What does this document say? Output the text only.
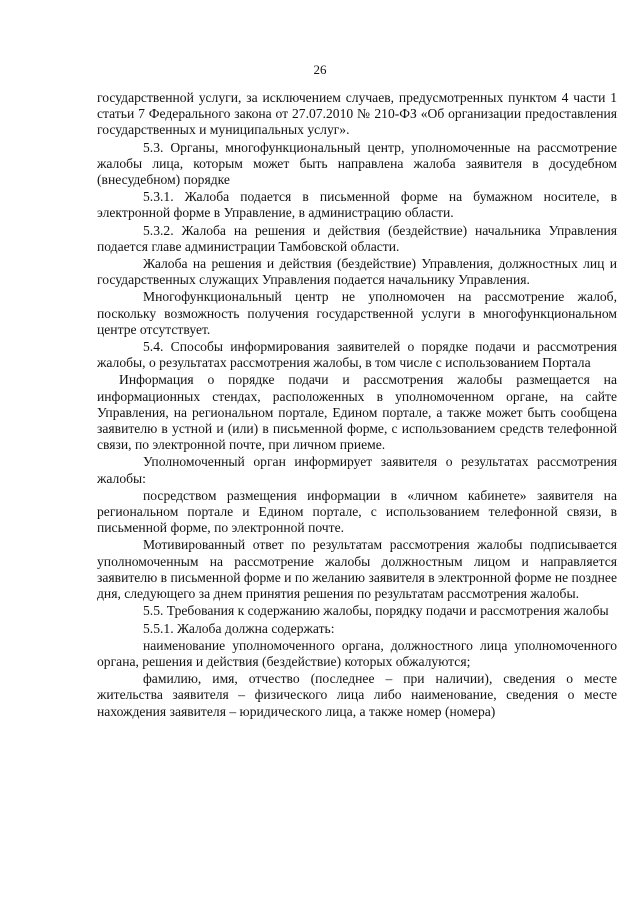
26

государственной услуги, за исключением случаев, предусмотренных пунктом 4 части 1 статьи 7 Федерального закона от 27.07.2010 № 210-ФЗ «Об организации предоставления государственных и муниципальных услуг».

5.3. Органы, многофункциональный центр, уполномоченные на рассмотрение жалобы лица, которым может быть направлена жалоба заявителя в досудебном (внесудебном) порядке

5.3.1. Жалоба подается в письменной форме на бумажном носителе, в электронной форме в Управление, в администрацию области.

5.3.2. Жалоба на решения и действия (бездействие) начальника Управления подается главе администрации Тамбовской области.

Жалоба на решения и действия (бездействие) Управления, должностных лиц и государственных служащих Управления подается начальнику Управления.

Многофункциональный центр не уполномочен на рассмотрение жалоб, поскольку возможность получения государственной услуги в многофункциональном центре отсутствует.

5.4. Способы информирования заявителей о порядке подачи и рассмотрения жалобы, о результатах рассмотрения жалобы, в том числе с использованием Портала

Информация о порядке подачи и рассмотрения жалобы размещается на информационных стендах, расположенных в уполномоченном органе, на сайте Управления, на региональном портале, Едином портале, а также может быть сообщена заявителю в устной и (или) в письменной форме, с использованием средств телефонной связи, по электронной почте, при личном приеме.

Уполномоченный орган информирует заявителя о результатах рассмотрения жалобы:

посредством размещения информации в «личном кабинете» заявителя на региональном портале и Едином портале, с использованием телефонной связи, в письменной форме, по электронной почте.

Мотивированный ответ по результатам рассмотрения жалобы подписывается уполномоченным на рассмотрение жалобы должностным лицом и направляется заявителю в письменной форме и по желанию заявителя в электронной форме не позднее дня, следующего за днем принятия решения по результатам рассмотрения жалобы.

5.5. Требования к содержанию жалобы, порядку подачи и рассмотрения жалобы

5.5.1. Жалоба должна содержать:

наименование уполномоченного органа, должностного лица уполномоченного органа, решения и действия (бездействие) которых обжалуются;

фамилию, имя, отчество (последнее – при наличии), сведения о месте жительства заявителя – физического лица либо наименование, сведения о месте нахождения заявителя – юридического лица, а также номер (номера)
